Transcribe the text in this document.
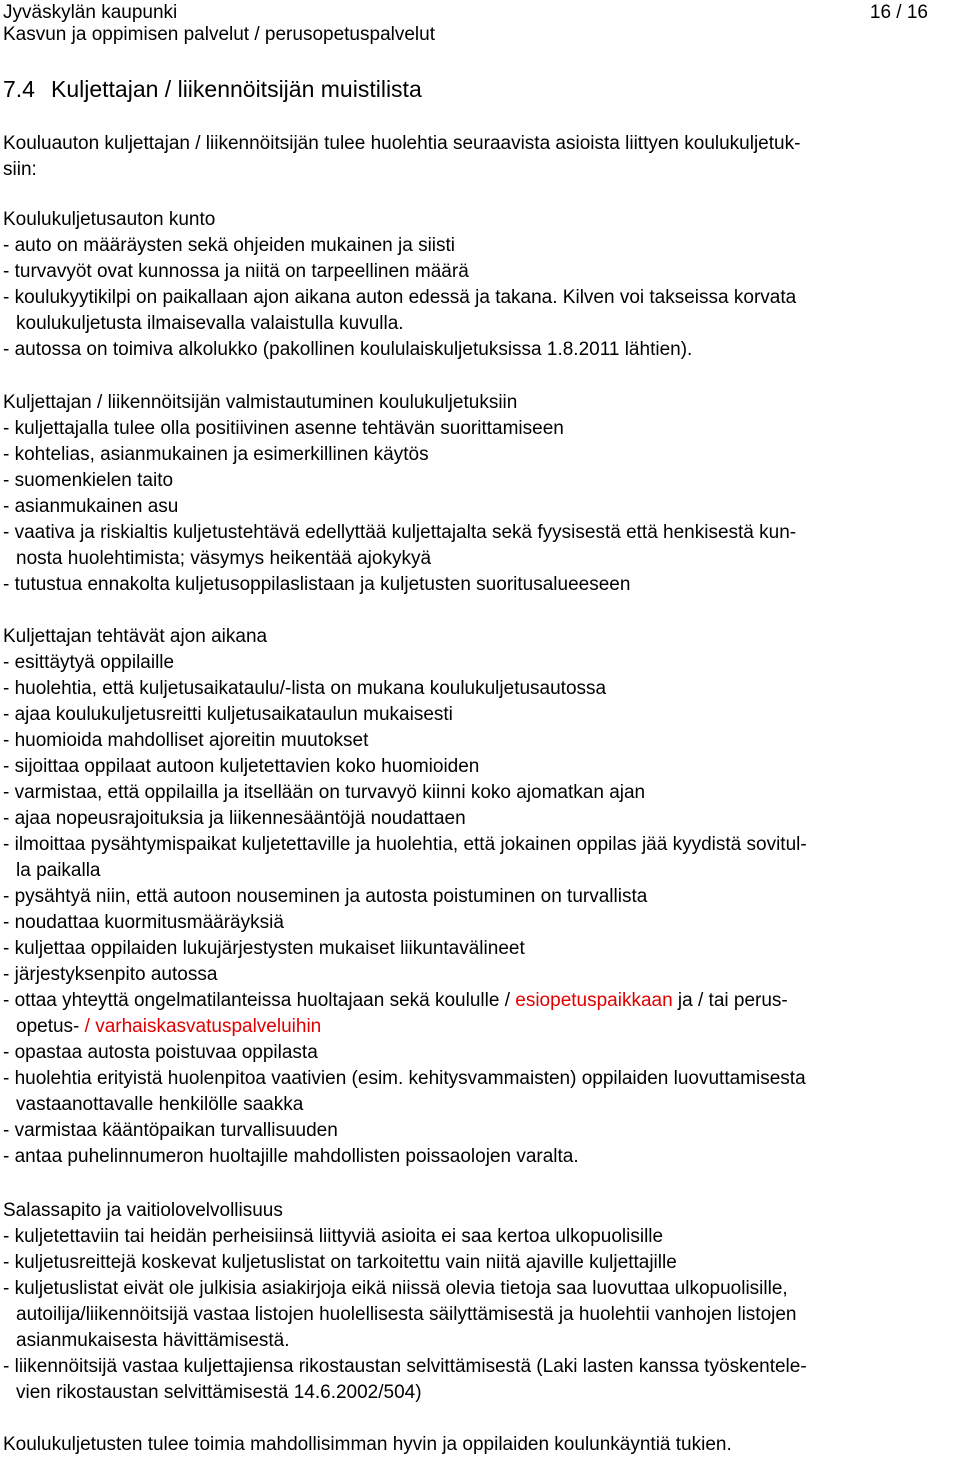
Jyväskylän kaupunki	16 / 16
Kasvun ja oppimisen palvelut / perusopetuspalvelut
7.4 Kuljettajan / liikennöitsijän muistilista
Kouluauton kuljettajan / liikennöitsijän tulee huolehtia seuraavista asioista liittyen koulukuljetuk-
siin:
Koulukuljetusauton kunto
- auto on määräysten sekä ohjeiden mukainen ja siisti
- turvavyöt ovat kunnossa ja niitä on tarpeellinen määrä
- koulukyytikilpi on paikallaan ajon aikana auton edessä ja takana. Kilven voi takseissa korvata
koulukuljetusta ilmaisevalla valaistulla kuvulla.
- autossa on toimiva alkolukko (pakollinen koululaiskuljetuksissa 1.8.2011 lähtien).
Kuljettajan / liikennöitsijän valmistautuminen koulukuljetuksiin
- kuljettajalla tulee olla positiivinen asenne tehtävän suorittamiseen
- kohtelias, asianmukainen ja esimerkillinen käytös
- suomenkielen taito
- asianmukainen asu
- vaativa ja riskialtis kuljetustehtävä edellyttää kuljettajalta sekä fyysisestä että henkisestä kun-
nosta huolehtimista; väsymys heikentää ajokykyä
- tutustua ennakolta kuljetusoppilaslistaan ja kuljetusten suoritusalueeseen
Kuljettajan tehtävät ajon aikana
- esittäytyä oppilaille
- huolehtia, että kuljetusaikataulu/-lista on mukana koulukuljetusautossa
- ajaa koulukuljetusreitti kuljetusaikataulun mukaisesti
- huomioida mahdolliset ajoreitin muutokset
- sijoittaa oppilaat autoon kuljetettavien koko huomioiden
- varmistaa, että oppilailla ja itsellään on turvavyö kiinni koko ajomatkan ajan
- ajaa nopeusrajoituksia ja liikennesääntöjä noudattaen
- ilmoittaa pysähtymispaikat kuljetettaville ja huolehtia, että jokainen oppilas jää kyydistä sovitul-
la paikalla
- pysähtyä niin, että autoon nouseminen ja autosta poistuminen on turvallista
- noudattaa kuormitusmääräyksiä
- kuljettaa oppilaiden lukujärjestysten mukaiset liikuntavälineet
- järjestyksenpito autossa
- ottaa yhteyttä ongelmatilanteissa huoltajaan sekä koululle / esiopetuspaikkaan ja / tai perus-
opetus- / varhaiskasvatuspalveluihin
- opastaa autosta poistuvaa oppilasta
- huolehtia erityistä huolenpitoa vaativien (esim. kehitysvammaisten) oppilaiden luovuttamisesta
vastaanottavalle henkilölle saakka
- varmistaa kääntöpaikan turvallisuuden
- antaa puhelinnumeron huoltajille mahdollisten poissaolojen varalta.
Salassapito ja vaitiolovelvollisuus
- kuljetettaviin tai heidän perheisiinsä liittyviä asioita ei saa kertoa ulkopuolisille
- kuljetusreittejä koskevat kuljetuslistat on tarkoitettu vain niitä ajaville kuljettajille
- kuljetuslistat eivät ole julkisia asiakirjoja eikä niissä olevia tietoja saa luovuttaa ulkopuolisille,
autoilija/liikennöitsijä vastaa listojen huolellisesta säilyttämisestä ja huolehtii vanhojen listojen
asianmukaisesta hävittämisestä.
- liikennöitsijä vastaa kuljettajiensa rikostaustan selvittämisestä (Laki lasten kanssa työskentele-
vien rikostaustan selvittämisestä 14.6.2002/504)
Koulukuljetusten tulee toimia mahdollisimman hyvin ja oppilaiden koulunkäyntiä tukien.
